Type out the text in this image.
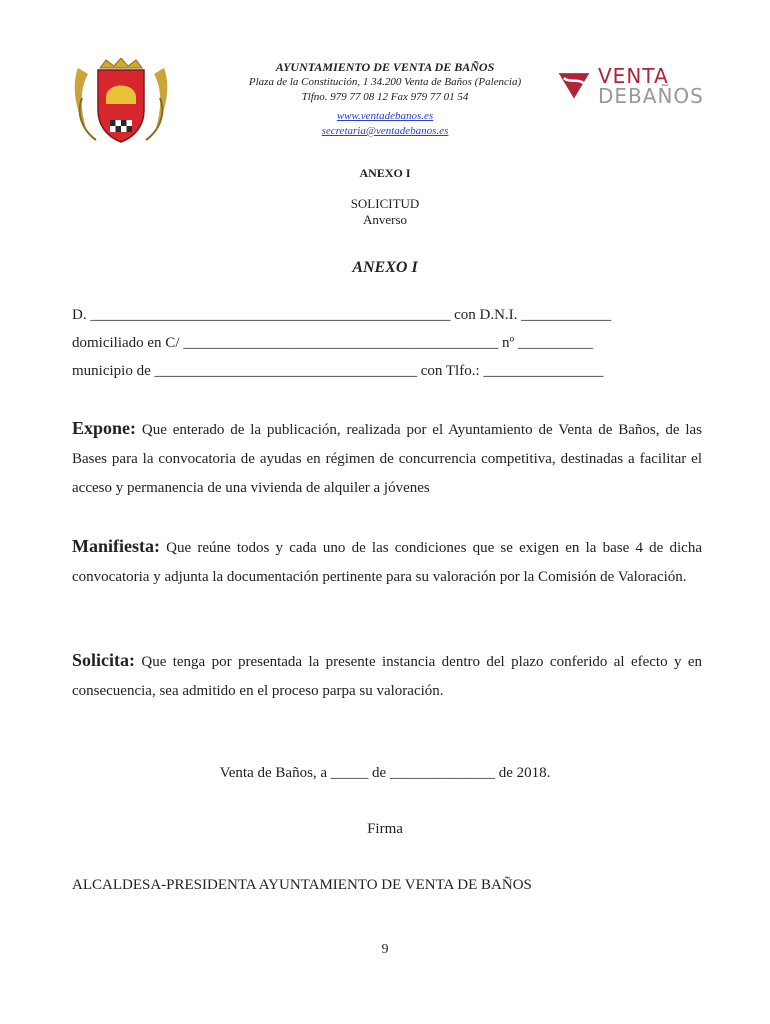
AYUNTAMIENTO DE VENTA DE BAÑOS
Plaza de la Constitución, 1 34.200 Venta de Baños (Palencia)
Tlfno. 979 77 08 12 Fax 979 77 01 54
www.ventadebanos.es
secretaria@ventadebanos.es
VENTA
DEBAÑOS
ANEXO I
SOLICITUD
Anverso
ANEXO I
D. ________________________________________________ con D.N.I. ____________
domiciliado en C/ __________________________________________ nº __________
municipio de ___________________________________ con Tlfo.: ________________
Expone: Que enterado de la publicación, realizada por el Ayuntamiento de Venta de Baños, de las Bases para la convocatoria de ayudas en régimen de concurrencia competitiva, destinadas a facilitar el acceso y permanencia de una vivienda de alquiler a jóvenes
Manifiesta: Que reúne todos y cada uno de las condiciones que se exigen en la base 4 de dicha convocatoria y adjunta la documentación pertinente para su valoración por la Comisión de Valoración.
Solicita: Que tenga por presentada la presente instancia dentro del plazo conferido al efecto y en consecuencia, sea admitido en el proceso parpa su valoración.
Venta de Baños, a _____ de ______________ de 2018.
Firma
ALCALDESA-PRESIDENTA AYUNTAMIENTO DE VENTA DE BAÑOS
9
